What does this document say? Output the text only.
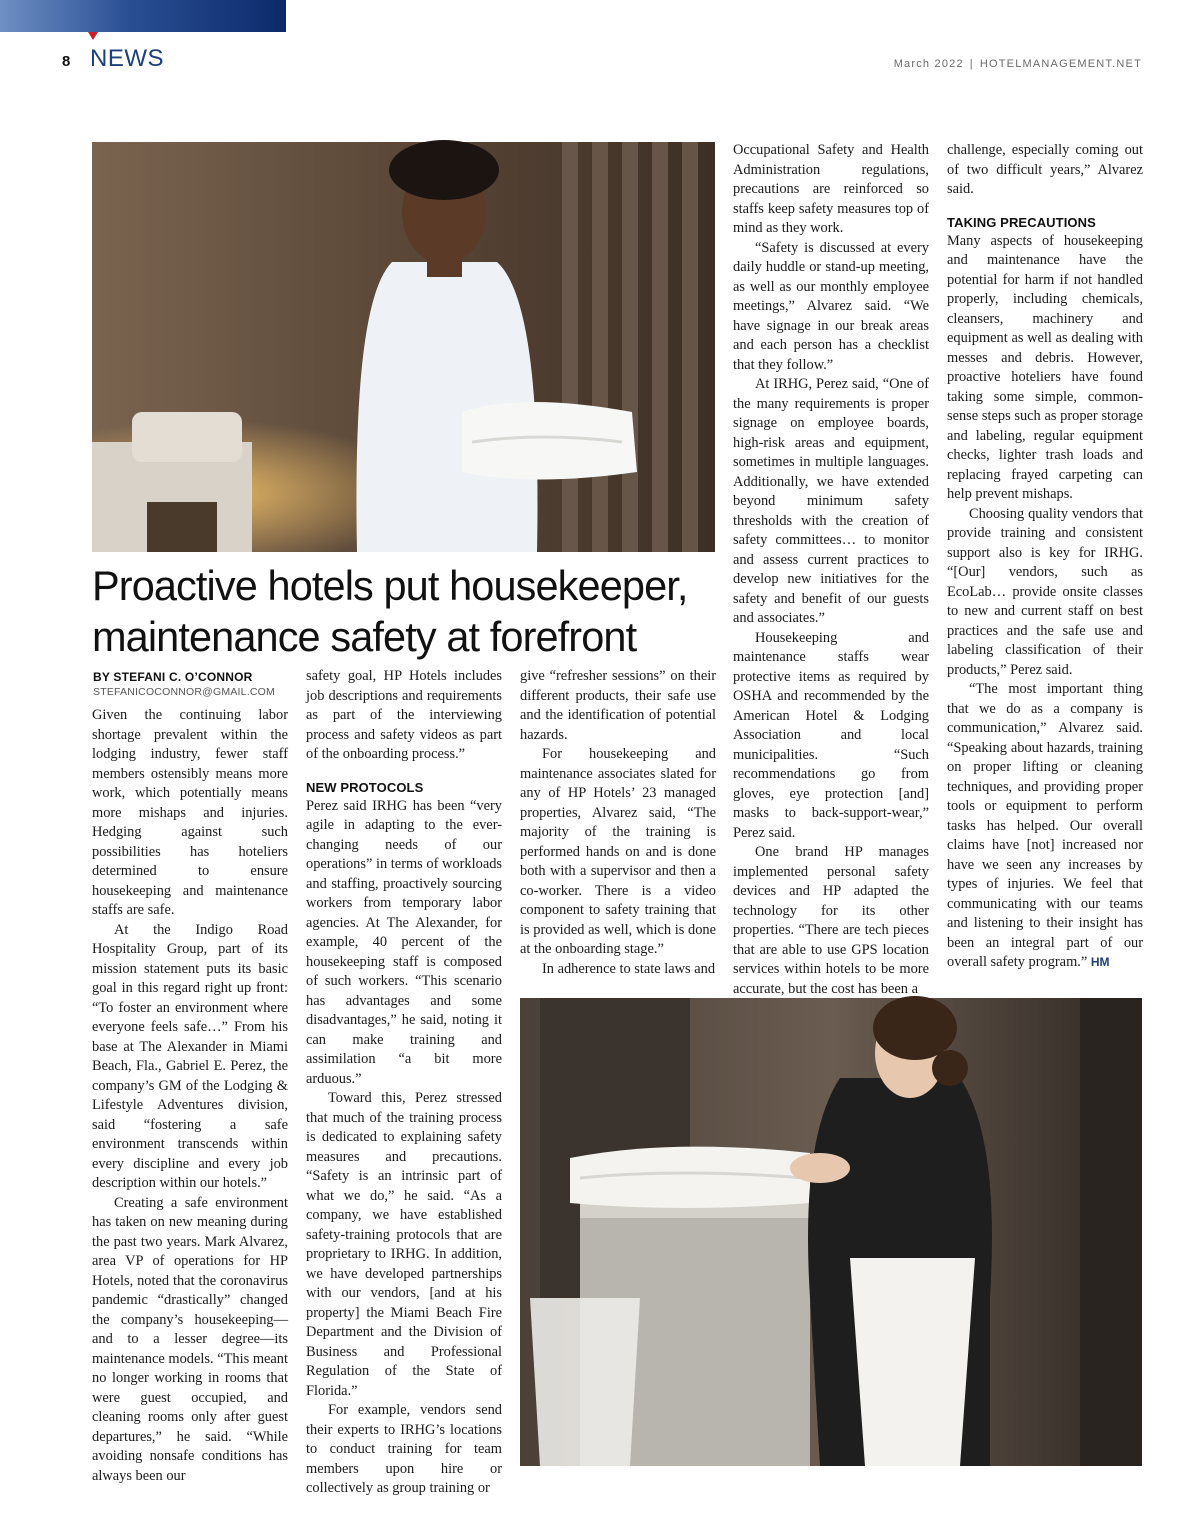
8 NEWS	March 2022 | HOTELMANAGEMENT.NET
Proactive hotels put housekeeper, maintenance safety at forefront
BY STEFANI C. O’CONNOR
STEFANICOCONNOR@GMAIL.COM

Given the continuing labor shortage prevalent within the lodging industry, fewer staff members ostensibly means more work, which potentially means more mishaps and injuries. Hedging against such possibilities has hoteliers determined to ensure housekeeping and maintenance staffs are safe.

At the Indigo Road Hospitality Group, part of its mission statement puts its basic goal in this regard right up front: “To foster an environment where everyone feels safe…” From his base at The Alexander in Miami Beach, Fla., Gabriel E. Perez, the company’s GM of the Lodging & Lifestyle Adventures division, said “fostering a safe environment transcends within every discipline and every job description within our hotels.”

Creating a safe environment has taken on new meaning during the past two years. Mark Alvarez, area VP of operations for HP Hotels, noted that the coronavirus pandemic “drastically” changed the company’s housekeeping—and to a lesser degree—its maintenance models. “This meant no longer working in rooms that were guest occupied, and cleaning rooms only after guest departures,” he said. “While avoiding nonsafe conditions has always been our

safety goal, HP Hotels includes job descriptions and requirements as part of the interviewing process and safety videos as part of the onboarding process.”

NEW PROTOCOLS

Perez said IRHG has been “very agile in adapting to the ever-changing needs of our operations” in terms of workloads and staffing, proactively sourcing workers from temporary labor agencies. At The Alexander, for example, 40 percent of the housekeeping staff is composed of such workers. “This scenario has advantages and some disadvantages,” he said, noting it can make training and assimilation “a bit more arduous.”

Toward this, Perez stressed that much of the training process is dedicated to explaining safety measures and precautions. “Safety is an intrinsic part of what we do,” he said. “As a company, we have established safety-training protocols that are proprietary to IRHG. In addition, we have developed partnerships with our vendors, [and at his property] the Miami Beach Fire Department and the Division of Business and Professional Regulation of the State of Florida.”

For example, vendors send their experts to IRHG’s locations to conduct training for team members upon hire or collectively as group training or

give “refresher sessions” on their different products, their safe use and the identification of potential hazards.

For housekeeping and maintenance associates slated for any of HP Hotels’ 23 managed properties, Alvarez said, “The majority of the training is performed hands on and is done both with a supervisor and then a co-worker. There is a video component to safety training that is provided as well, which is done at the onboarding stage.”

In adherence to state laws and

Occupational Safety and Health Administration regulations, precautions are reinforced so staffs keep safety measures top of mind as they work.

“Safety is discussed at every daily huddle or stand-up meeting, as well as our monthly employee meetings,” Alvarez said. “We have signage in our break areas and each person has a checklist that they follow.”

At IRHG, Perez said, “One of the many requirements is proper signage on employee boards, high-risk areas and equipment, sometimes in multiple languages. Additionally, we have extended beyond minimum safety thresholds with the creation of safety committees… to monitor and assess current practices to develop new initiatives for the safety and benefit of our guests and associates.”

Housekeeping and maintenance staffs wear protective items as required by OSHA and recommended by the American Hotel & Lodging Association and local municipalities. “Such recommendations go from gloves, eye protection [and] masks to back-support-wear,” Perez said.

One brand HP manages implemented personal safety devices and HP adapted the technology for its other properties. “There are tech pieces that are able to use GPS location services within hotels to be more accurate, but the cost has been a

challenge, especially coming out of two difficult years,” Alvarez said.

TAKING PRECAUTIONS

Many aspects of housekeeping and maintenance have the potential for harm if not handled properly, including chemicals, cleansers, machinery and equipment as well as dealing with messes and debris. However, proactive hoteliers have found taking some simple, common-sense steps such as proper storage and labeling, regular equipment checks, lighter trash loads and replacing frayed carpeting can help prevent mishaps.

Choosing quality vendors that provide training and consistent support also is key for IRHG. “[Our] vendors, such as EcoLab… provide onsite classes to new and current staff on best practices and the safe use and labeling classification of their products,” Perez said.

“The most important thing that we do as a company is communication,” Alvarez said. “Speaking about hazards, training on proper lifting or cleaning techniques, and providing proper tools or equipment to perform tasks has helped. Our overall claims have [not] increased nor have we seen any increases by types of injuries. We feel that communicating with our teams and listening to their insight has been an integral part of our overall safety program.” HM
